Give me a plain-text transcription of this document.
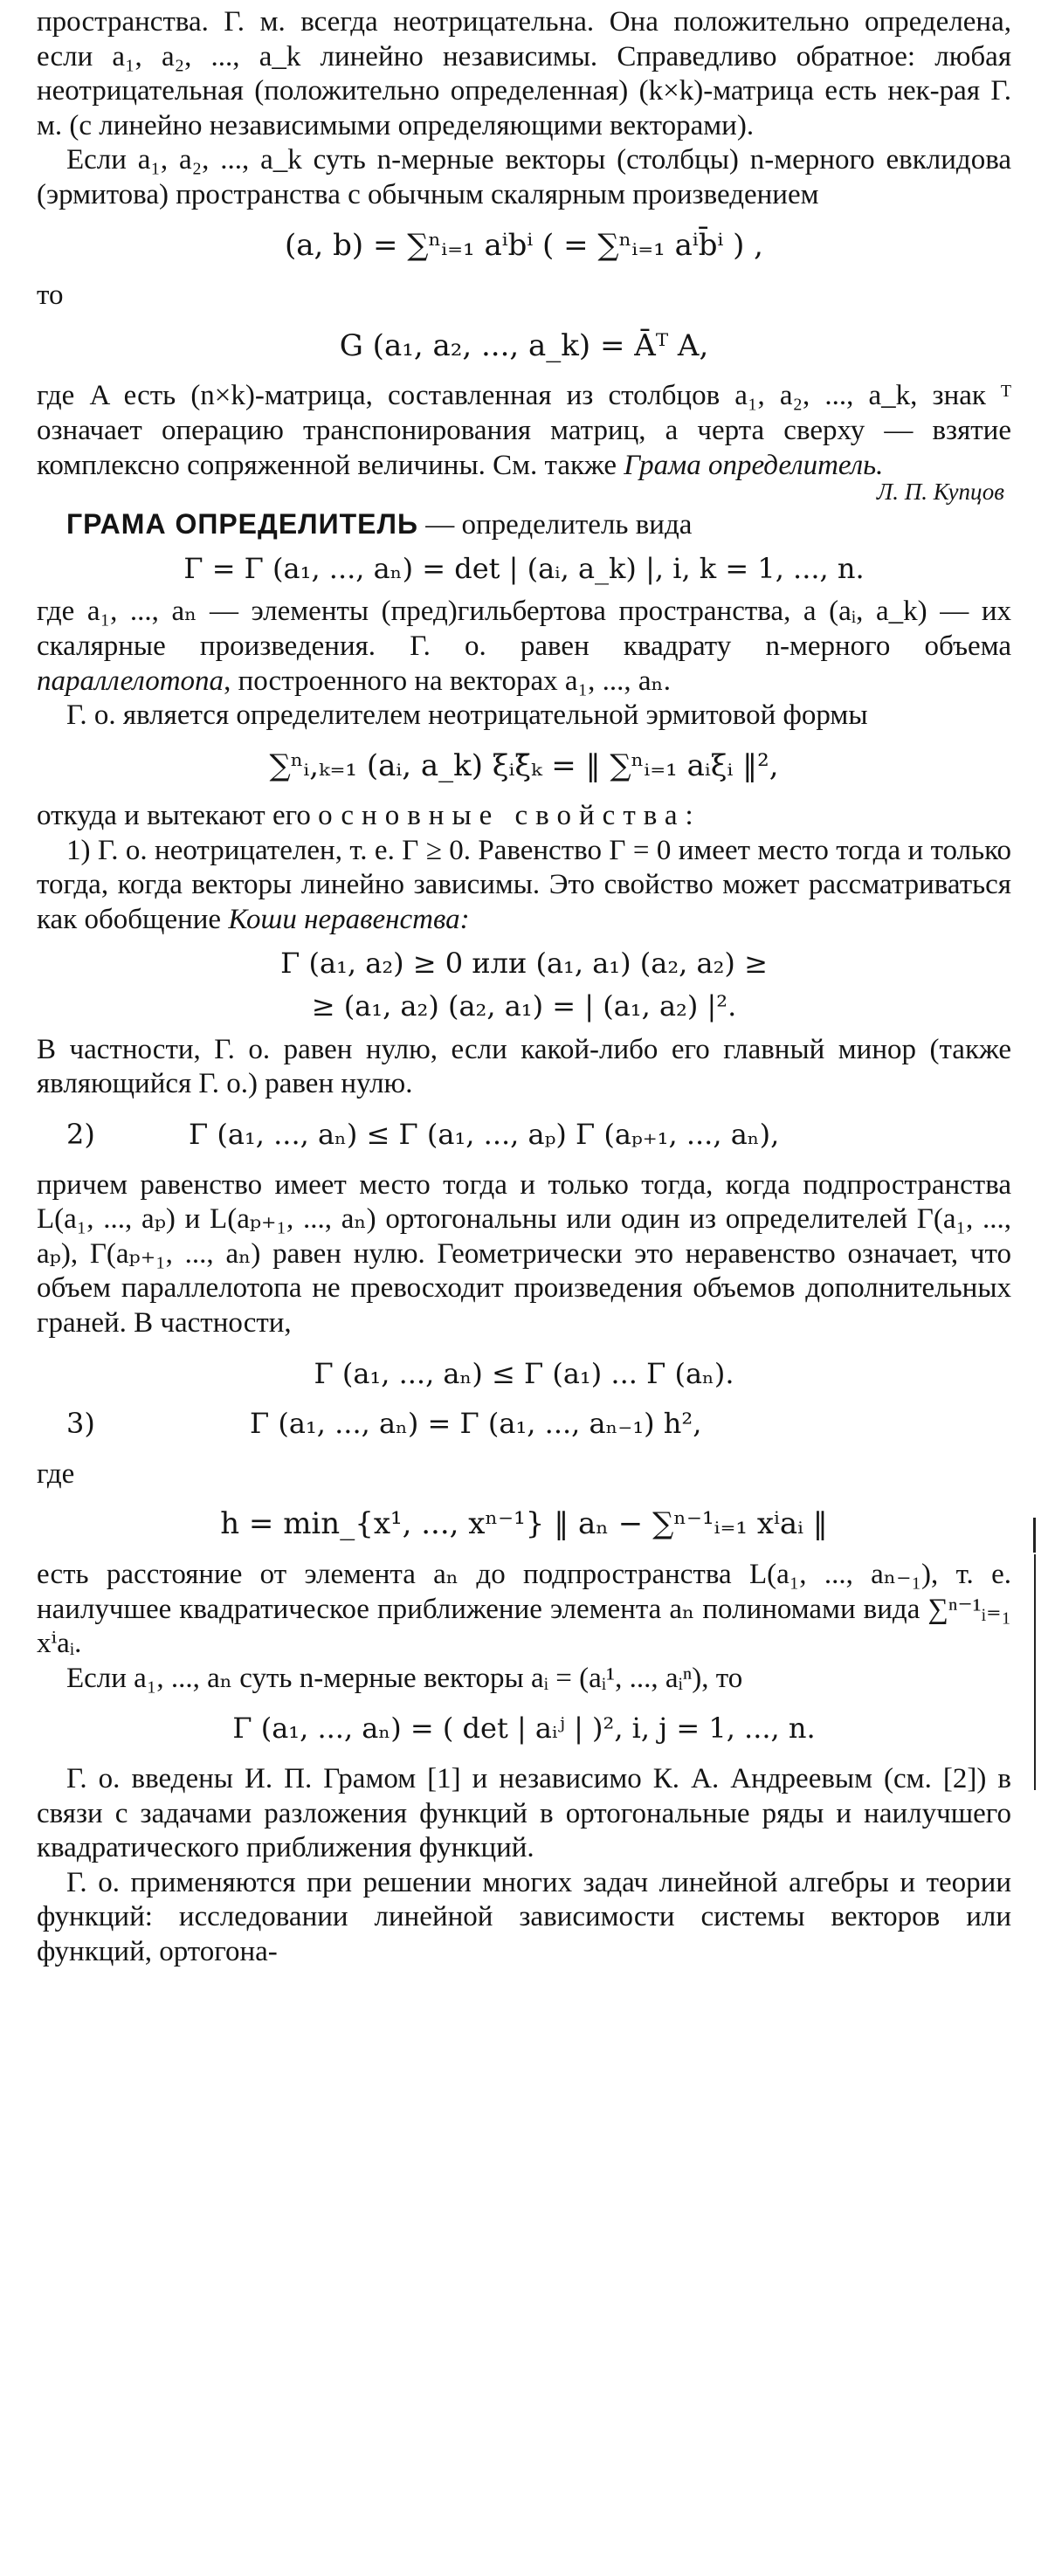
пространства. Г. м. всегда неотрицательна. Она положительно определена, если a₁, a₂, ..., a_k линейно независимы. Справедливо обратное: любая неотрицательная (положительно определенная) (k×k)-матрица есть нек-рая Г. м. (с линейно независимыми определяющими векторами).

Если a₁, a₂, ..., a_k суть n-мерные векторы (столбцы) n-мерного евклидова (эрмитова) пространства с обычным скалярным произведением

(a, b) = ∑ⁿᵢ₌₁ aⁱbⁱ ( = ∑ⁿᵢ₌₁ aⁱb̄ⁱ ) ,

то

G (a₁, a₂, ..., a_k) = Āᵀ A,

где A есть (n×k)-матрица, составленная из столбцов a₁, a₂, ..., a_k, знак ᵀ означает операцию транспонирования матриц, а черта сверху — взятие комплексно сопряженной величины. См. также Грама определитель.

Л. П. Купцов

ГРАМА ОПРЕДЕЛИТЕЛЬ — определитель вида

Γ = Γ (a₁, ..., aₙ) = det | (aᵢ, a_k) |, i, k = 1, ..., n.

где a₁, ..., aₙ — элементы (пред)гильбертова пространства, а (aᵢ, a_k) — их скалярные произведения. Г. о. равен квадрату n-мерного объема параллелотопа, построенного на векторах a₁, ..., aₙ.

Г. о. является определителем неотрицательной эрмитовой формы

∑ⁿᵢ,ₖ₌₁ (aᵢ, a_k) ξᵢξ̄ₖ = ‖ ∑ⁿᵢ₌₁ aᵢξᵢ ‖²,

откуда и вытекают его основные свойства:

1) Г. о. неотрицателен, т. е. Γ ≥ 0. Равенство Γ = 0 имеет место тогда и только тогда, когда векторы линейно зависимы. Это свойство может рассматриваться как обобщение Коши неравенства:

Γ (a₁, a₂) ≥ 0 или (a₁, a₁) (a₂, a₂) ≥
≥ (a₁, a₂) (a₂, a₁) = | (a₁, a₂) |².

В частности, Г. о. равен нулю, если какой-либо его главный минор (также являющийся Г. о.) равен нулю.

2)	Γ (a₁, ..., aₙ) ≤ Γ (a₁, ..., aₚ) Γ (aₚ₊₁, ..., aₙ),

причем равенство имеет место тогда и только тогда, когда подпространства L(a₁, ..., aₚ) и L(aₚ₊₁, ..., aₙ) ортогональны или один из определителей Γ(a₁, ..., aₚ), Γ(aₚ₊₁, ..., aₙ) равен нулю. Геометрически это неравенство означает, что объем параллелотопа не превосходит произведения объемов дополнительных граней. В частности,

Γ (a₁, ..., aₙ) ≤ Γ (a₁) ... Γ (aₙ).
3)	Γ (a₁, ..., aₙ) = Γ (a₁, ..., aₙ₋₁) h²,

где

h = min_{x¹, ..., xⁿ⁻¹} ‖ aₙ − ∑ⁿ⁻¹ᵢ₌₁ xⁱaᵢ ‖

есть расстояние от элемента aₙ до подпространства L(a₁, ..., aₙ₋₁), т. е. наилучшее квадратическое приближение элемента aₙ полиномами вида ∑ⁿ⁻¹ᵢ₌₁ xⁱaᵢ.

Если a₁, ..., aₙ суть n-мерные векторы aᵢ = (aᵢ¹, ..., aᵢⁿ), то

Γ (a₁, ..., aₙ) = ( det | aᵢʲ | )², i, j = 1, ..., n.

Г. о. введены И. П. Грамом [1] и независимо К. А. Андреевым (см. [2]) в связи с задачами разложения функций в ортогональные ряды и наилучшего квадратического приближения функций.

Г. о. применяются при решении многих задач линейной алгебры и теории функций: исследовании линейной зависимости системы векторов или функций, ортогона-
